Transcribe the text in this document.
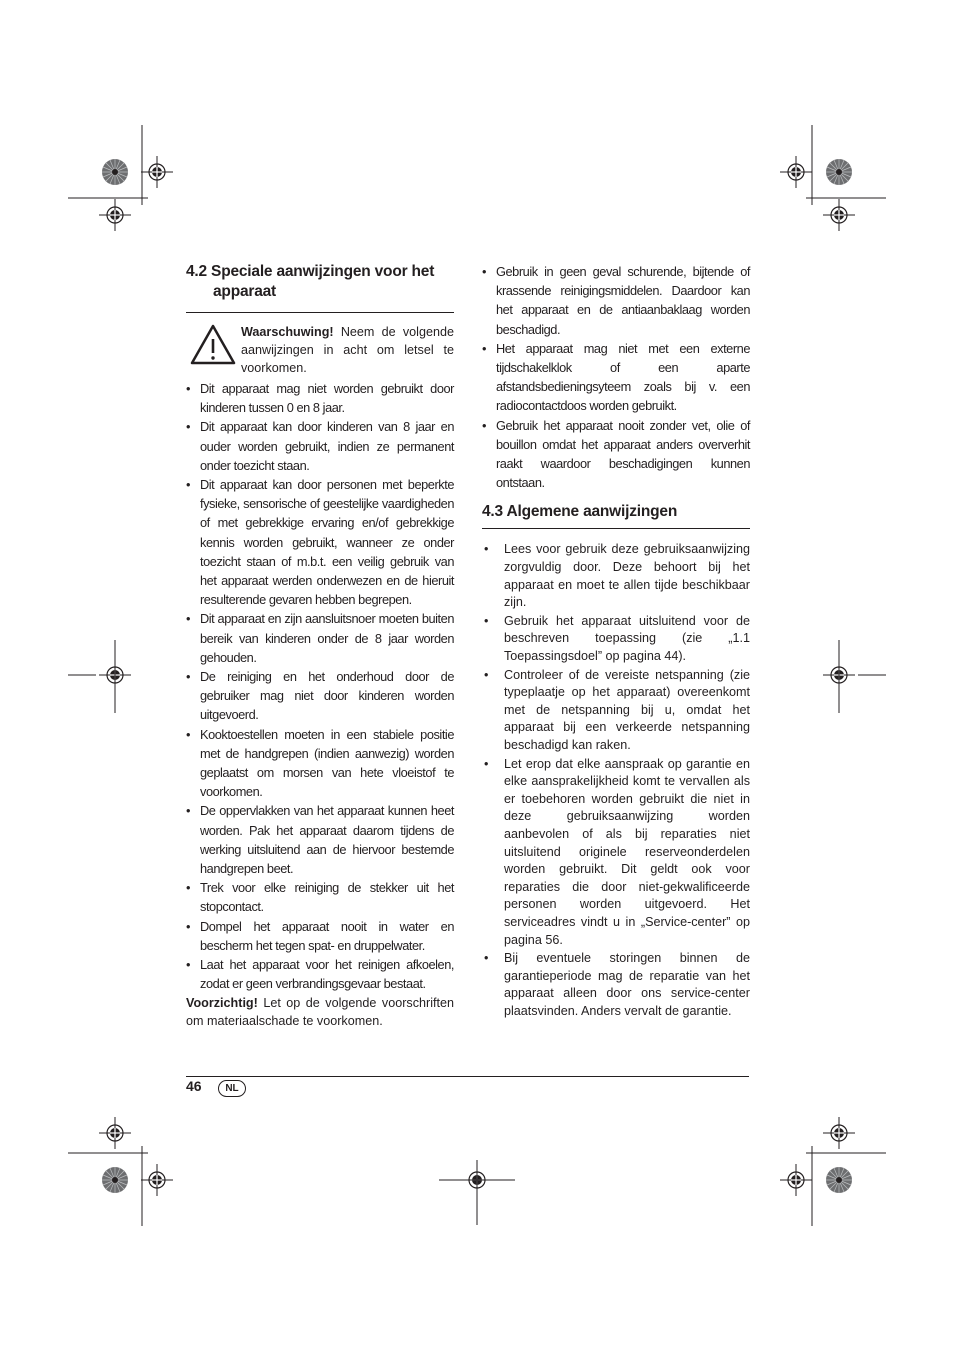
4.2 Speciale aanwijzingen voor het
apparaat
Waarschuwing! Neem de volgende aanwijzingen in acht om letsel te voorkomen.
• Dit apparaat mag niet worden gebruikt door kinderen tussen 0 en 8 jaar.
• Dit apparaat kan door kinderen van 8 jaar en ouder worden gebruikt, indien ze permanent onder toezicht staan.
• Dit apparaat kan door personen met beperkte fysieke, sensorische of geestelijke vaardigheden of met gebrekkige ervaring en/of gebrekkige kennis worden gebruikt, wanneer ze onder toezicht staan of m.b.t. een veilig gebruik van het apparaat werden onderwezen en de hieruit resulterende gevaren hebben begrepen.
• Dit apparaat en zijn aansluitsnoer moeten buiten bereik van kinderen onder de 8 jaar worden gehouden.
• De reiniging en het onderhoud door de gebruiker mag niet door kinderen worden uitgevoerd.
• Kooktoestellen moeten in een stabiele positie met de handgrepen (indien aanwezig) worden geplaatst om morsen van hete vloeistof te voorkomen.
• De oppervlakken van het apparaat kunnen heet worden. Pak het apparaat daarom tijdens de werking uitsluitend aan de hiervoor bestemde handgrepen beet.
• Trek voor elke reiniging de stekker uit het stopcontact.
• Dompel het apparaat nooit in water en bescherm het tegen spat- en druppelwater.
• Laat het apparaat voor het reinigen afkoelen, zodat er geen verbrandingsgevaar bestaat.
Voorzichtig! Let op de volgende voorschriften om materiaalschade te voorkomen.
• Gebruik in geen geval schurende, bijtende of krassende reinigingsmiddelen. Daardoor kan het apparaat en de antiaanbaklaag worden beschadigd.
• Het apparaat mag niet met een externe tijdschakelklok of een aparte afstandsbedieningsyteem zoals bij v. een radiocontactdoos worden gebruikt.
• Gebruik het apparaat nooit zonder vet, olie of bouillon omdat het apparaat anders oververhit raakt waardoor beschadigingen kunnen ontstaan.
4.3 Algemene aanwijzingen
• Lees voor gebruik deze gebruiksaanwijzing zorgvuldig door. Deze behoort bij het apparaat en moet te allen tijde beschikbaar zijn.
• Gebruik het apparaat uitsluitend voor de beschreven toepassing (zie „1.1 Toepassingsdoel” op pagina 44).
• Controleer of de vereiste netspanning (zie typeplaatje op het apparaat) overeenkomt met de netspanning bij u, omdat het apparaat bij een verkeerde netspanning beschadigd kan raken.
• Let erop dat elke aanspraak op garantie en elke aansprakelijkheid komt te vervallen als er toebehoren worden gebruikt die niet in deze gebruiksaanwijzing worden aanbevolen of als bij reparaties niet uitsluitend originele reserveonderdelen worden gebruikt. Dit geldt ook voor reparaties die door niet-gekwalificeerde personen worden uitgevoerd. Het serviceadres vindt u in „Service-center” op pagina 56.
• Bij eventuele storingen binnen de garantieperiode mag de reparatie van het apparaat alleen door ons service-center plaatsvinden. Anders vervalt de garantie.
46	NL
